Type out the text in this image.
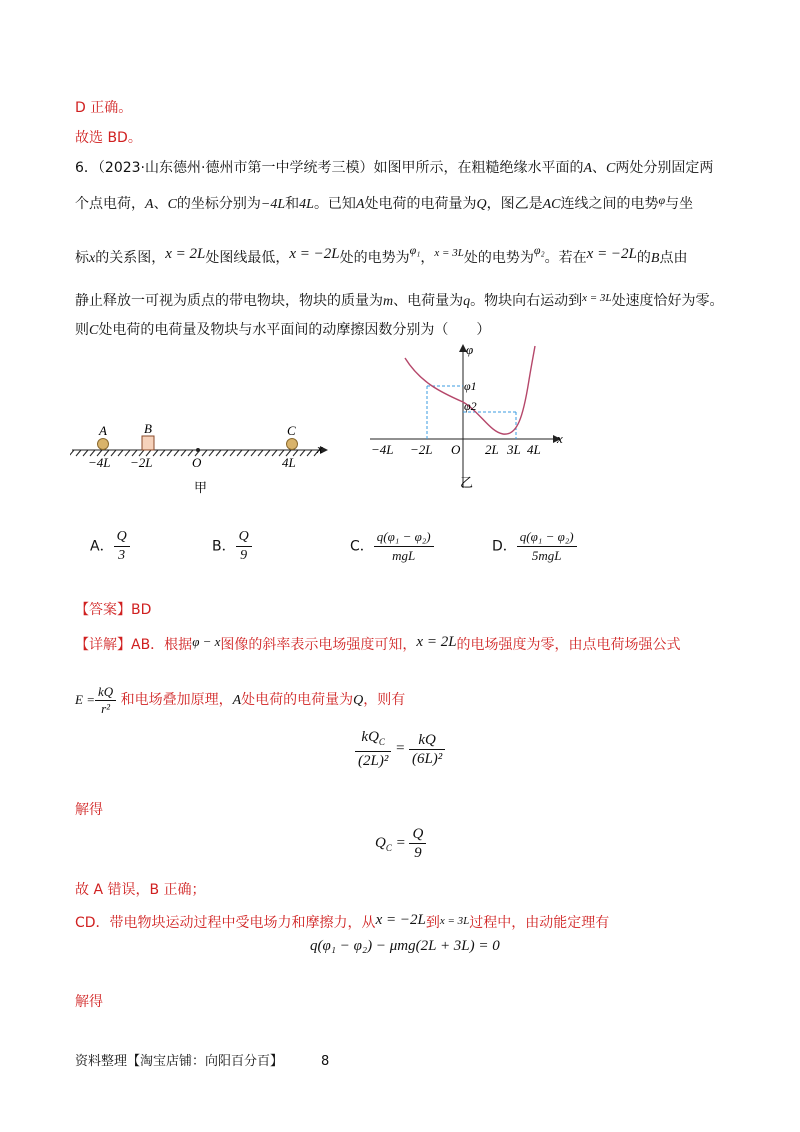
D 正确。
故选 BD。
6．（2023·山东德州·德州市第一中学统考三模）如图甲所示，在粗糙绝缘水平面的A、C两处分别固定两
个点电荷，A、C的坐标分别为−4L和4L。已知A处电荷的电荷量为Q，图乙是AC连线之间的电势φ与坐
标x的关系图，x = 2L处图线最低，x = −2L处的电势为φ₁，$^{x = 3L}$处的电势为φ₂。若在x = −2L的B点由
静止释放一可视为质点的带电物块，物块的质量为m、电荷量为q。物块向右运动到$^{x = 3L}$处速度恰好为零。
则C处电荷的电荷量及物块与水平面间的动摩擦因数分别为（　　）
A	B	C
x
−4L −2L	O	4L
甲
φ
x
φ1
φ2
−4L −2L O 2L 3L 4L
乙
A． $\frac{Q}{3}$	B． $\frac{Q}{9}$	C． $\frac{\text{q(φ₁ − φ₂)}}{\text{mgL}}$	D． $\frac{\text{q(φ₁ − φ₂)}}{\text{5mgL}}$
【答案】BD
【详解】AB．根据φ − x图像的斜率表示电场强度可知，x = 2L的电场强度为零，由点电荷场强公式
$E = \frac{kQ}{\text{r²}}$ 和电场叠加原理，A处电荷的电荷量为Q，则有
$\frac{kQ_C}{\text{(2L)²}} = \frac{kQ}{\text{(6L)²}}$
解得
$Q_C = \frac{Q}{9}$
故 A 错误，B 正确；
CD．带电物块运动过程中受电场力和摩擦力，从x = −2L到$^{x = 3L}$过程中，由动能定理有
q(φ₁ − φ₂) − μmg(2L + 3L) = 0
解得
资料整理【淘宝店铺：向阳百分百】	8
